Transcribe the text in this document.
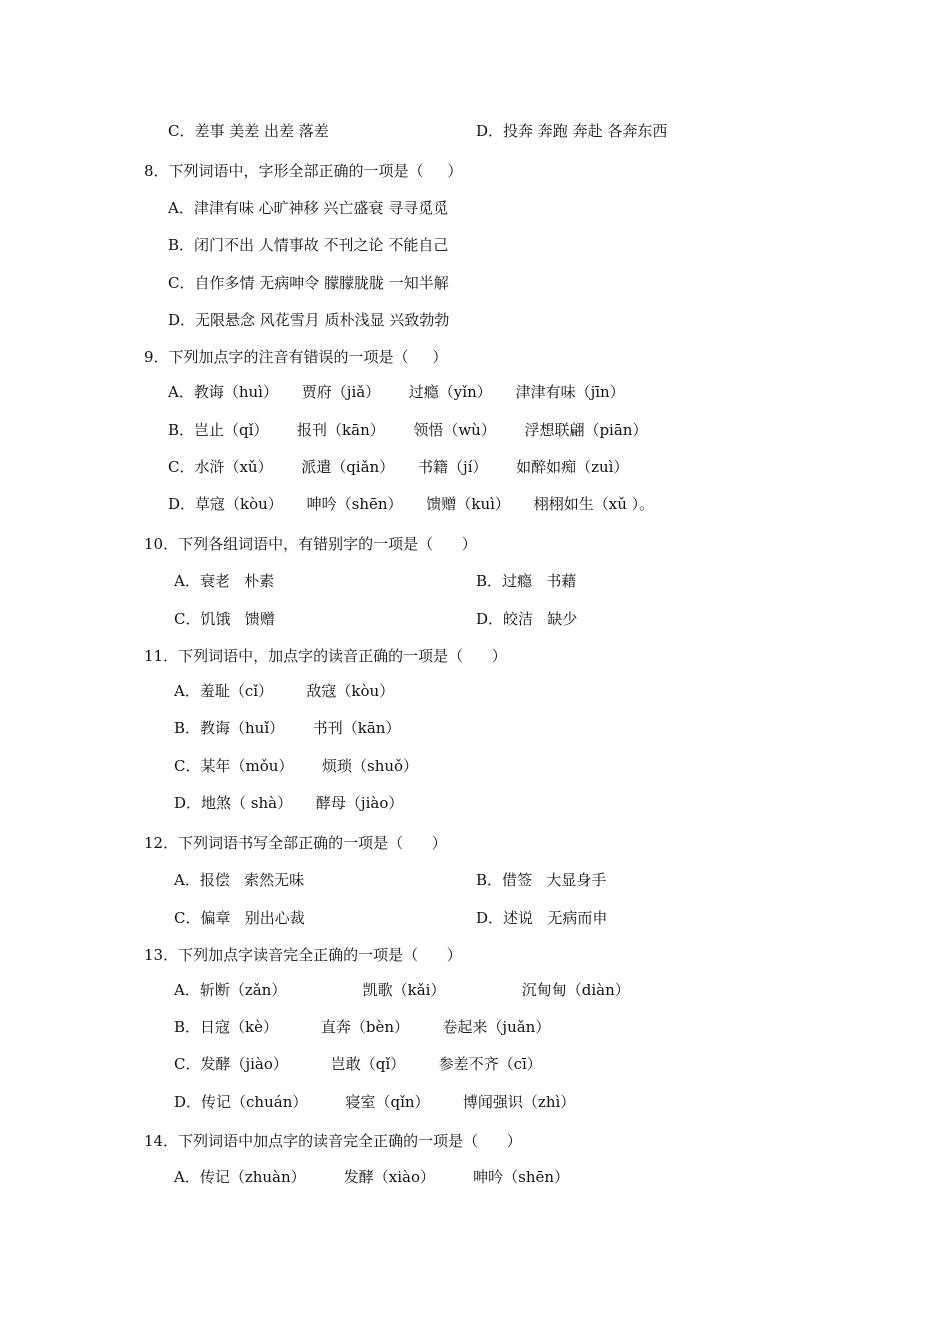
C．差事 美差 出差 落差	D．投奔 奔跑 奔赴 各奔东西
8．下列词语中，字形全部正确的一项是（     ）
A．津津有味 心旷神移 兴亡盛衰 寻寻觅觅
B．闭门不出 人情事故 不刊之论 不能自己
C．自作多情 无病呻令 朦朦胧胧 一知半解
D．无限悬念 风花雪月 质朴浅显 兴致勃勃
9．下列加点字的注音有错误的一项是（     ）
A．教诲（huì）     贾府（jiǎ）      过瘾（yǐn）     津津有味（jīn）
B．岂止（qǐ）      报刊（kān）      领悟（wù）      浮想联翩（piān）
C．水浒（xǔ）      派遣（qiǎn）     书籍（jí）      如醉如痴（zuì）
D．草寇（kòu）     呻吟（shēn）     馈赠（kuì）     栩栩如生（xǔ ）。
10．下列各组词语中，有错别字的一项是（      ）
A．衰老   朴素	B．过瘾   书藉
C．饥饿   馈赠	D．皎洁   缺少
11．下列词语中，加点字的读音正确的一项是（      ）
A．羞耻（cǐ）       敌寇（kòu）
B．教诲（huǐ）      书刊（kān）
C．某年（mǒu）      烦琐（shuǒ）
D．地煞（ shà）     酵母（jiào）
12．下列词语书写全部正确的一项是（      ）
A．报偿   索然无味	B．借签   大显身手
C．偏章   别出心裁	D．述说   无病而申
13．下列加点字读音完全正确的一项是（      ）
A．斩断（zǎn）                凯歌（kǎi）                沉甸甸（diàn）
B．日寇（kè）         直奔（bèn）       卷起来（juǎn）
C．发酵（jiào）         岂敢（qǐ）       参差不齐（cī）
D．传记（chuán）        寝室（qǐn）       博闻强识（zhì）
14．下列词语中加点字的读音完全正确的一项是（      ）
A．传记（zhuàn）        发酵（xiào）        呻吟（shēn）
